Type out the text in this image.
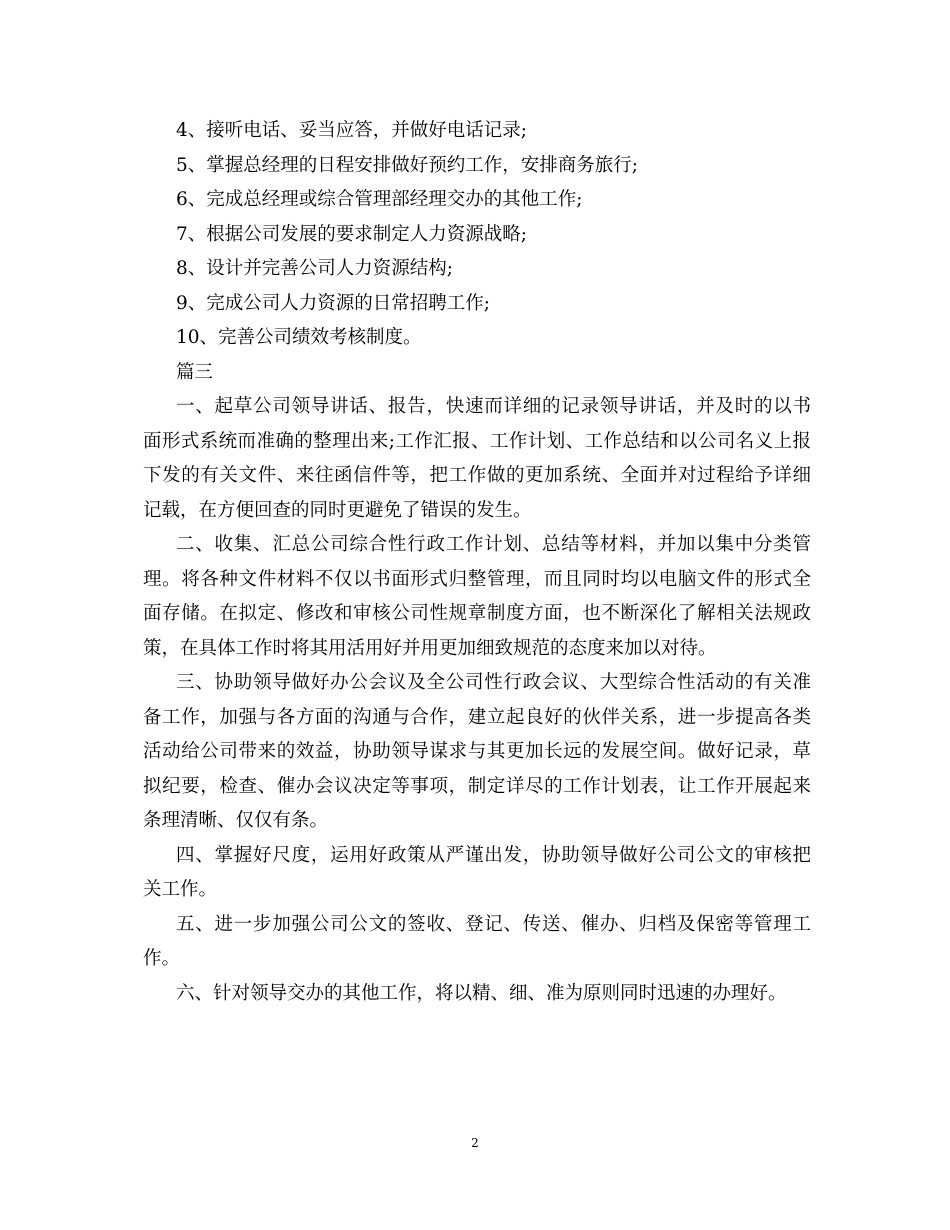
4、接听电话、妥当应答，并做好电话记录;

5、掌握总经理的日程安排做好预约工作，安排商务旅行;

6、完成总经理或综合管理部经理交办的其他工作;

7、根据公司发展的要求制定人力资源战略;

8、设计并完善公司人力资源结构;

9、完成公司人力资源的日常招聘工作;

10、完善公司绩效考核制度。

篇三

一、起草公司领导讲话、报告，快速而详细的记录领导讲话，并及时的以书

面形式系统而准确的整理出来;工作汇报、工作计划、工作总结和以公司名义上报

下发的有关文件、来往函信件等，把工作做的更加系统、全面并对过程给予详细

记载，在方便回查的同时更避免了错误的发生。

二、收集、汇总公司综合性行政工作计划、总结等材料，并加以集中分类管

理。将各种文件材料不仅以书面形式归整管理，而且同时均以电脑文件的形式全

面存储。在拟定、修改和审核公司性规章制度方面，也不断深化了解相关法规政

策，在具体工作时将其用活用好并用更加细致规范的态度来加以对待。

三、协助领导做好办公会议及全公司性行政会议、大型综合性活动的有关准

备工作，加强与各方面的沟通与合作，建立起良好的伙伴关系，进一步提高各类

活动给公司带来的效益，协助领导谋求与其更加长远的发展空间。做好记录，草

拟纪要，检查、催办会议决定等事项，制定详尽的工作计划表，让工作开展起来

条理清晰、仅仅有条。

四、掌握好尺度，运用好政策从严谨出发，协助领导做好公司公文的审核把

关工作。

五、进一步加强公司公文的签收、登记、传送、催办、归档及保密等管理工

作。

六、针对领导交办的其他工作，将以精、细、准为原则同时迅速的办理好。

2
